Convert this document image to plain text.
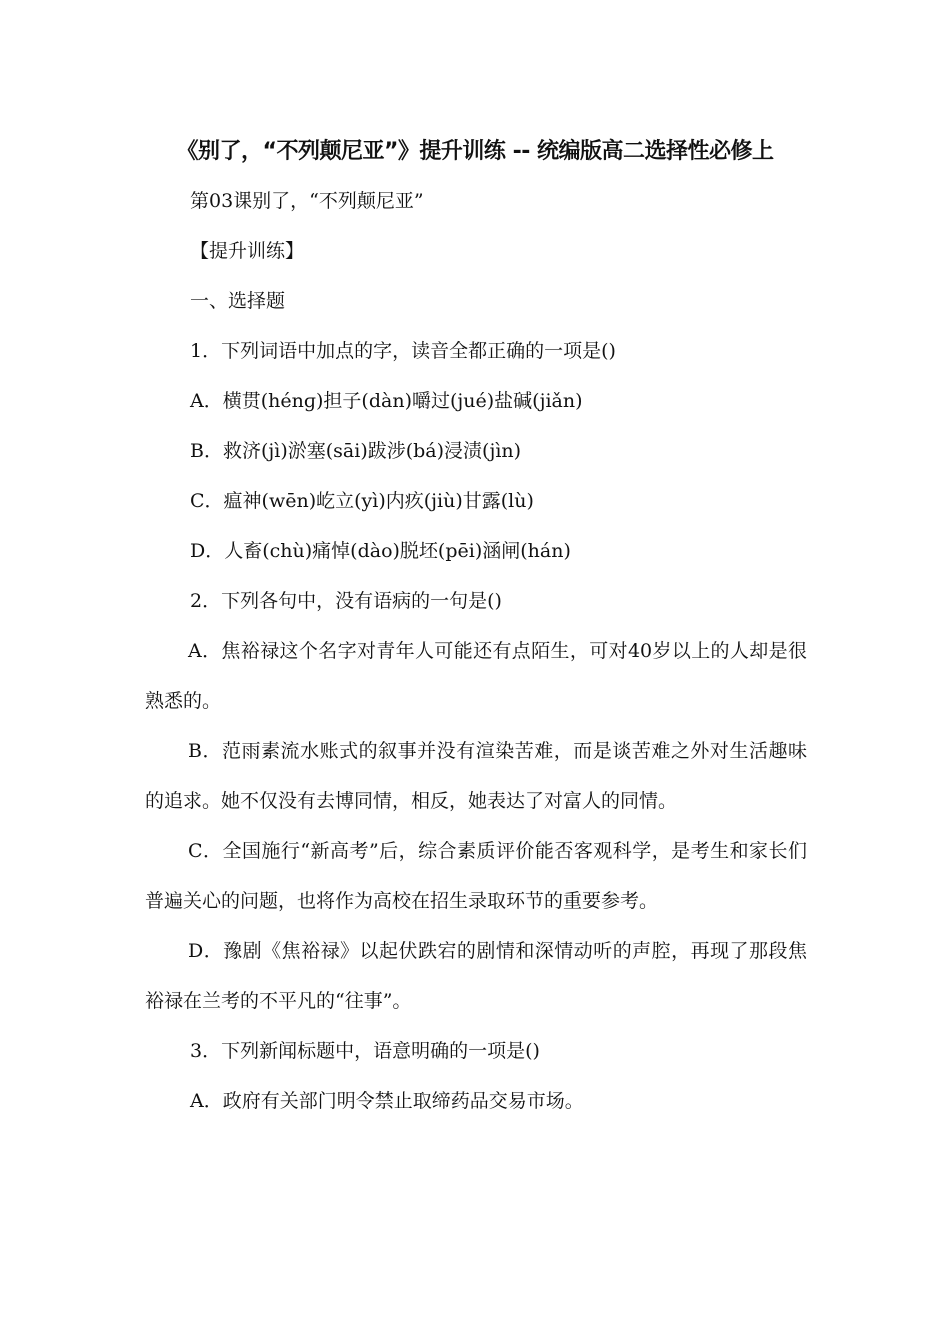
《别了，“不列颠尼亚”》提升训练 -- 统编版高二选择性必修上

第03课别了，“不列颠尼亚”

【提升训练】

一、选择题

1．下列词语中加点的字，读音全都正确的一项是()

A．横贯(hénɡ)担子(dàn)嚼过(jué)盐碱(jiǎn)

B．救济(jì)淤塞(sāi)跋涉(bá)浸渍(jìn)

C．瘟神(wēn)屹立(yì)内疚(jiù)甘露(lù)

D．人畜(chù)痛悼(dào)脱坯(pēi)涵闸(hán)

2．下列各句中，没有语病的一句是()

A．焦裕禄这个名字对青年人可能还有点陌生，可对40岁以上的人却是很熟悉的。

B．范雨素流水账式的叙事并没有渲染苦难，而是谈苦难之外对生活趣味的追求。她不仅没有去博同情，相反，她表达了对富人的同情。

C．全国施行“新高考”后，综合素质评价能否客观科学，是考生和家长们普遍关心的问题，也将作为高校在招生录取环节的重要参考。

D．豫剧《焦裕禄》以起伏跌宕的剧情和深情动听的声腔，再现了那段焦裕禄在兰考的不平凡的“往事”。

3．下列新闻标题中，语意明确的一项是()

A．政府有关部门明令禁止取缔药品交易市场。
